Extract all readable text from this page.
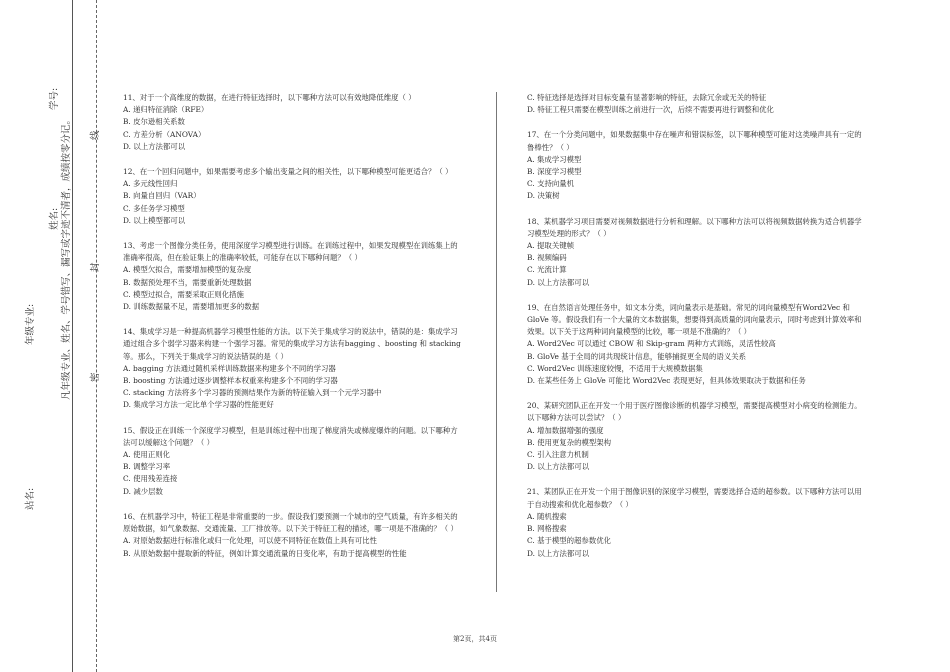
学号:
姓名:
年级专业:
站名:
凡年级专业、姓名、学号错写、漏写或字迹不清者，成绩按零分记。 线
封
密

11、对于一个高维度的数据，在进行特征选择时，以下哪种方法可以有效地降低维度（ ）

A. 递归特征消除（RFE）

B. 皮尔逊相关系数

C. 方差分析（ANOVA）

D. 以上方法都可以

12、在一个回归问题中，如果需要考虑多个输出变量之间的相关性，以下哪种模型可能更适合？（ ）

A. 多元线性回归

B. 向量自回归（VAR）

C. 多任务学习模型

D. 以上模型都可以

13、考虑一个图像分类任务，使用深度学习模型进行训练。在训练过程中，如果发现模型在训练集上的准确率很高，但在验证集上的准确率较低，可能存在以下哪种问题？（ ）

A. 模型欠拟合，需要增加模型的复杂度

B. 数据预处理不当，需要重新处理数据

C. 模型过拟合，需要采取正则化措施

D. 训练数据量不足，需要增加更多的数据

14、集成学习是一种提高机器学习模型性能的方法。以下关于集成学习的说法中，错误的是：集成学习通过组合多个弱学习器来构建一个强学习器。常见的集成学习方法有bagging 、boosting 和 stacking 等。那么，下列关于集成学习的说法错误的是（ ）

A. bagging 方法通过随机采样训练数据来构建多个不同的学习器

B. boosting 方法通过逐步调整样本权重来构建多个不同的学习器

C. stacking 方法将多个学习器的预测结果作为新的特征输入到一个元学习器中

D. 集成学习方法一定比单个学习器的性能更好

15、假设正在训练一个深度学习模型，但是训练过程中出现了梯度消失或梯度爆炸的问题。以下哪种方法可以缓解这个问题？（ ）

A. 使用正则化

B. 调整学习率

C. 使用残差连接

D. 减少层数

16、在机器学习中，特征工程是非常重要的一步。假设我们要预测一个城市的空气质量，有许多相关的原始数据，如气象数据、交通流量、工厂排放等。以下关于特征工程的描述，哪一项是不准确的？（ ）

A. 对原始数据进行标准化或归一化处理，可以使不同特征在数值上具有可比性

B. 从原始数据中提取新的特征，例如计算交通流量的日变化率，有助于提高模型的性能

C. 特征选择是选择对目标变量有显著影响的特征，去除冗余或无关的特征

D. 特征工程只需要在模型训练之前进行一次，后续不需要再进行调整和优化

17、在一个分类问题中，如果数据集中存在噪声和错误标签，以下哪种模型可能对这类噪声具有一定的鲁棒性？（ ）

A. 集成学习模型

B. 深度学习模型

C. 支持向量机

D. 决策树

18、某机器学习项目需要对视频数据进行分析和理解。以下哪种方法可以将视频数据转换为适合机器学习模型处理的形式？（ ）

A. 提取关键帧

B. 视频编码

C. 光流计算

D. 以上方法都可以

19、在自然语言处理任务中，如文本分类，词向量表示是基础。常见的词向量模型有Word2Vec 和 GloVe 等。假设我们有一个大量的文本数据集，想要得到高质量的词向量表示，同时考虑到计算效率和效果。以下关于这两种词向量模型的比较，哪一项是不准确的？（ ）

A. Word2Vec 可以通过 CBOW 和 Skip-gram 两种方式训练，灵活性较高

B. GloVe 基于全局的词共现统计信息，能够捕捉更全局的语义关系

C. Word2Vec 训练速度较慢，不适用于大规模数据集

D. 在某些任务上 GloVe 可能比 Word2Vec 表现更好，但具体效果取决于数据和任务

20、某研究团队正在开发一个用于医疗图像诊断的机器学习模型，需要提高模型对小病变的检测能力。以下哪种方法可以尝试？（ ）

A. 增加数据增强的强度

B. 使用更复杂的模型架构

C. 引入注意力机制

D. 以上方法都可以

21、某团队正在开发一个用于图像识别的深度学习模型，需要选择合适的超参数。以下哪种方法可以用于自动搜索和优化超参数？（ ）

A. 随机搜索

B. 网格搜索

C. 基于模型的超参数优化

D. 以上方法都可以

第2页，共4页
